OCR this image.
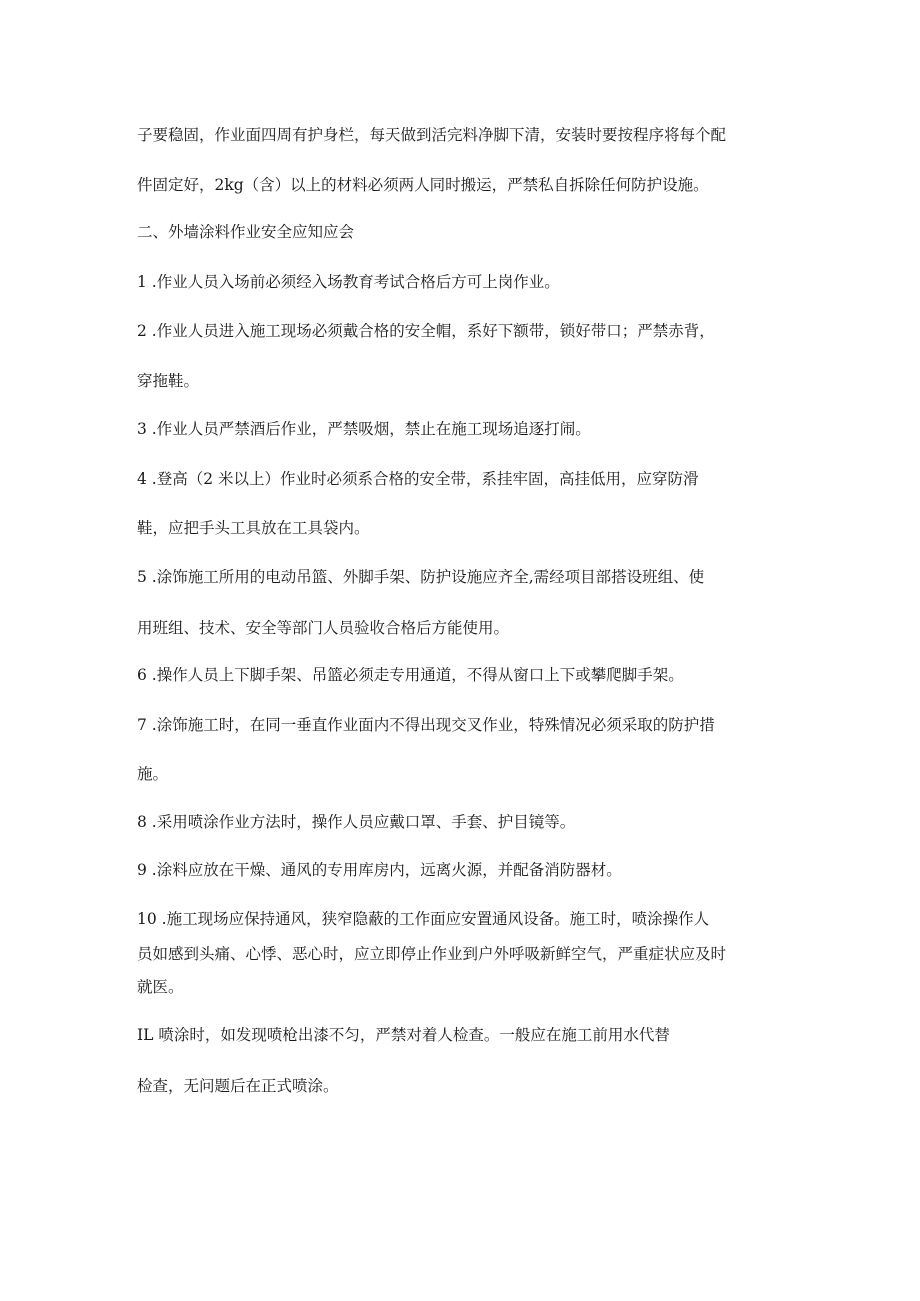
子要稳固，作业面四周有护身栏，每天做到活完料净脚下清，安装时要按程序将每个配
件固定好，2kg（含）以上的材料必须两人同时搬运，严禁私自拆除任何防护设施。
二、外墙涂料作业安全应知应会
1 .作业人员入场前必须经入场教育考试合格后方可上岗作业。
2 .作业人员进入施工现场必须戴合格的安全帽，系好下额带，锁好带口；严禁赤背，
穿拖鞋。
3 .作业人员严禁酒后作业，严禁吸烟，禁止在施工现场追逐打闹。
4 .登高（2 米以上）作业时必须系合格的安全带，系挂牢固，高挂低用，应穿防滑
鞋，应把手头工具放在工具袋内。
5 .涂饰施工所用的电动吊篮、外脚手架、防护设施应齐全,需经项目部搭设班组、使
用班组、技术、安全等部门人员验收合格后方能使用。
6 .操作人员上下脚手架、吊篮必须走专用通道，不得从窗口上下或攀爬脚手架。
7 .涂饰施工时，在同一垂直作业面内不得出现交叉作业，特殊情况必须采取的防护措
施。
8 .采用喷涂作业方法时，操作人员应戴口罩、手套、护目镜等。
9 .涂料应放在干燥、通风的专用库房内，远离火源，并配备消防器材。
10 .施工现场应保持通风，狭窄隐蔽的工作面应安置通风设备。施工时，喷涂操作人
员如感到头痛、心悸、恶心时，应立即停止作业到户外呼吸新鲜空气，严重症状应及时
就医。
IL 喷涂时，如发现喷枪出漆不匀，严禁对着人检查。一般应在施工前用水代替
检查，无问题后在正式喷涂。
